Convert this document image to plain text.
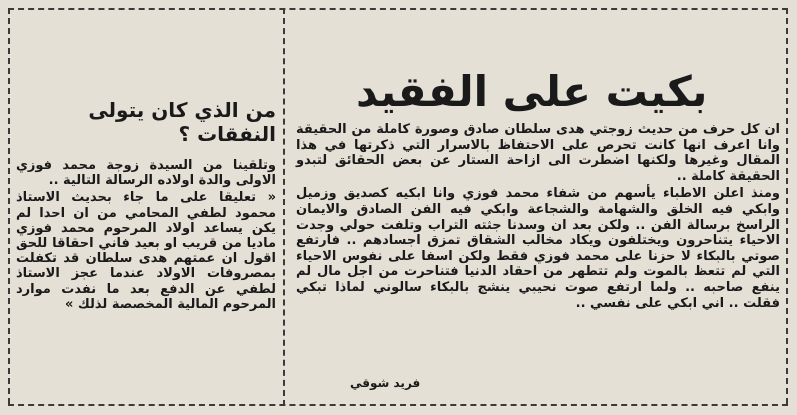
بكيت على الفقيد

ان كل حرف من حديث زوجتي هدى سلطان صادق وصورة كاملة من الحقيقة وانا اعرف انها كانت تحرص على الاحتفاظ بالاسرار التي ذكرتها في هذا المقال وغيرها ولكنها اضطرت الى ازاحة الستار عن بعض الحقائق لتبدو الحقيقة كاملة ..

ومنذ اعلن الاطباء يأسهم من شفاء محمد فوزي وانا ابكيه كصديق وزميل وابكي فيه الخلق والشهامة والشجاعة وابكي فيه الفن الصادق والايمان الراسخ برسالة الفن .. ولكن بعد ان وسدنا جثته التراب وتلفت حولي وجدت الاحياء يتناحرون ويختلفون ويكاد مخالب الشقاق تمزق اجسادهم .. فارتفع صوتي بالبكاء لا حزنا على محمد فوزي فقط ولكن اسفا على نفوس الاحياء التي لم تتعظ بالموت ولم تتطهر من احقاد الدنيا فتناحرت من اجل مال لم ينفع صاحبه .. ولما ارتفع صوت نحيبي ينشج بالبكاء سالوني لماذا تبكي فقلت .. اني ابكي على نفسي ..

فريد شوقي
من الذي كان يتولى النفقات ؟

وتلقينا من السيدة زوجة محمد فوزي الاولى والدة اولاده الرسالة التالية ..

« تعليقا على ما جاء بحديث الاستاذ محمود لطفي المحامي من ان احدا لم يكن يساعد اولاد المرحوم محمد فوزي ماديا من قريب او بعيد فاني احقاقا للحق اقول ان عمتهم هدى سلطان قد تكفلت بمصروفات الاولاد عندما عجز الاستاذ لطفي عن الدفع بعد ما نفدت موارد المرحوم المالية المخصصة لذلك »
